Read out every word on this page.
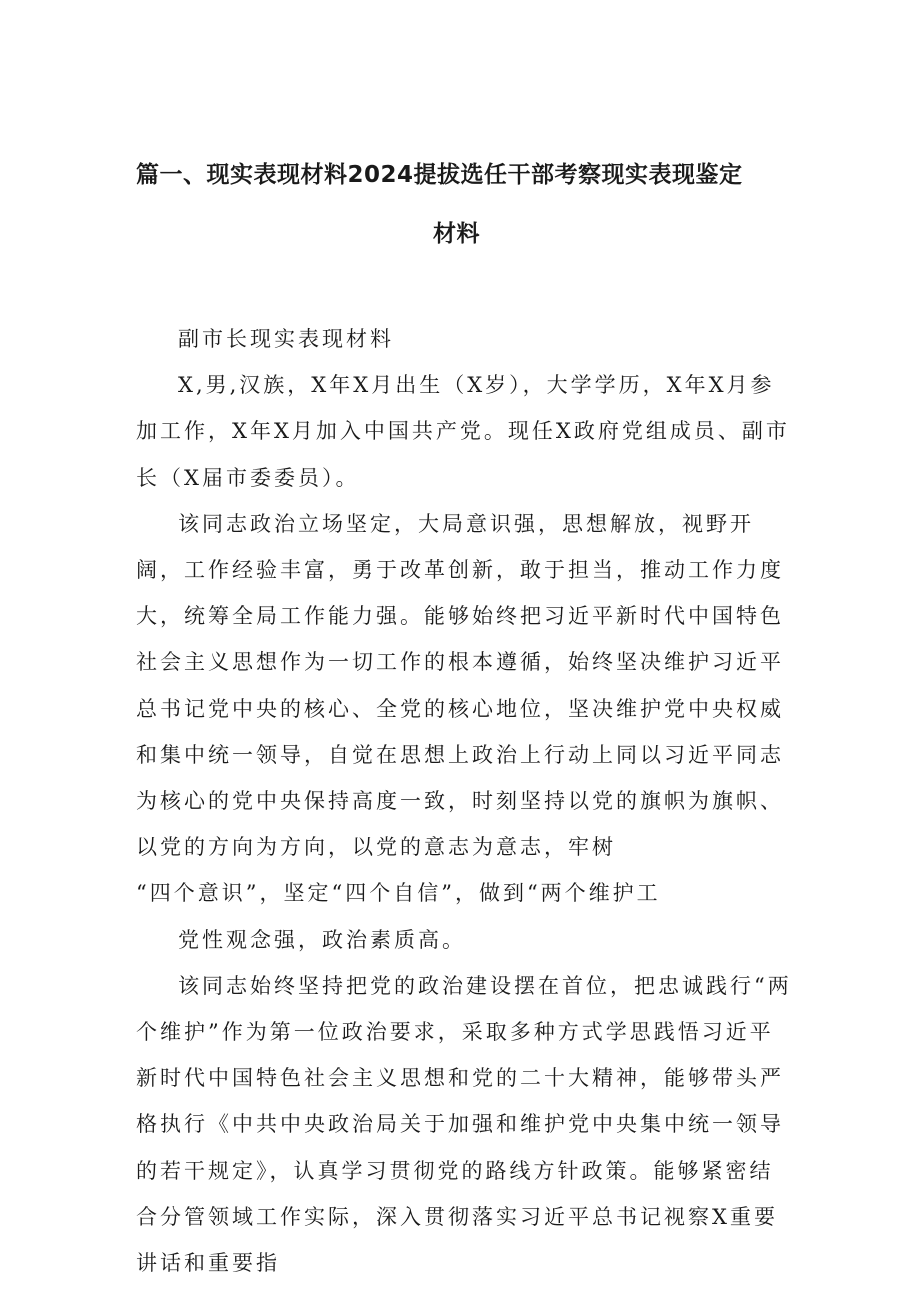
篇一、现实表现材料2024提拔选任干部考察现实表现鉴定
材料

副市长现实表现材料

X,男,汉族，X年X月出生（X岁），大学学历，X年X月参加工作，X年X月加入中国共产党。现任X政府党组成员、副市长（X届市委委员）。

该同志政治立场坚定，大局意识强，思想解放，视野开阔，工作经验丰富，勇于改革创新，敢于担当，推动工作力度大，统筹全局工作能力强。能够始终把习近平新时代中国特色社会主义思想作为一切工作的根本遵循，始终坚决维护习近平总书记党中央的核心、全党的核心地位，坚决维护党中央权威和集中统一领导，自觉在思想上政治上行动上同以习近平同志为核心的党中央保持高度一致，时刻坚持以党的旗帜为旗帜、以党的方向为方向，以党的意志为意志，牢树

“四个意识”，坚定“四个自信”，做到“两个维护工

党性观念强，政治素质高。

该同志始终坚持把党的政治建设摆在首位，把忠诚践行“两个维护”作为第一位政治要求，采取多种方式学思践悟习近平新时代中国特色社会主义思想和党的二十大精神，能够带头严格执行《中共中央政治局关于加强和维护党中央集中统一领导的若干规定》，认真学习贯彻党的路线方针政策。能够紧密结合分管领域工作实际，深入贯彻落实习近平总书记视察X重要讲话和重要指
